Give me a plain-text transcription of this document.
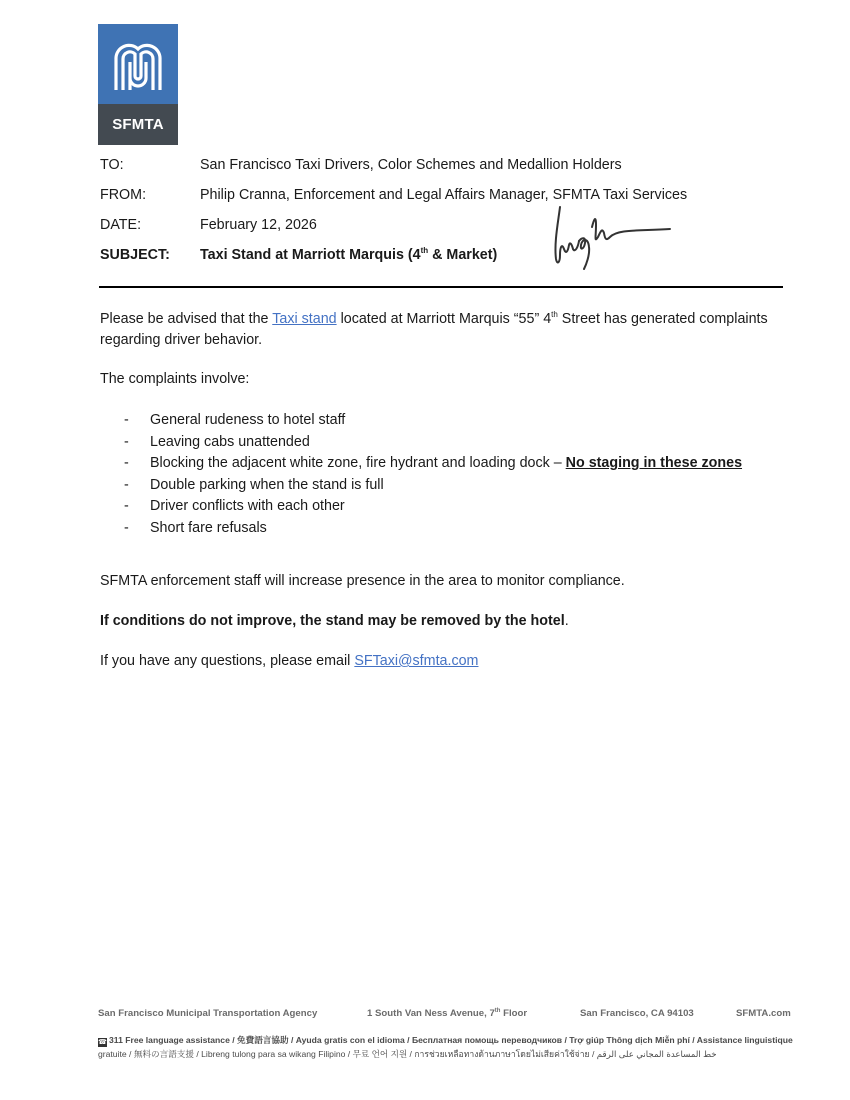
SFMTA
TO:	San Francisco Taxi Drivers, Color Schemes and Medallion Holders
FROM:	Philip Cranna, Enforcement and Legal Affairs Manager, SFMTA Taxi Services
DATE:	February 12, 2026
SUBJECT: Taxi Stand at Marriott Marquis (4th & Market)
Please be advised that the Taxi stand located at Marriott Marquis “55” 4th Street has generated complaints regarding driver behavior.
The complaints involve:
- General rudeness to hotel staff
- Leaving cabs unattended
- Blocking the adjacent white zone, fire hydrant and loading dock – No staging in these zones
- Double parking when the stand is full
- Driver conflicts with each other
- Short fare refusals
SFMTA enforcement staff will increase presence in the area to monitor compliance.
If conditions do not improve, the stand may be removed by the hotel.
If you have any questions, please email SFTaxi@sfmta.com
San Francisco Municipal Transportation Agency	1 South Van Ness Avenue, 7th Floor	San Francisco, CA 94103	SFMTA.com
☎ 311 Free language assistance / 免費語言協助 / Ayuda gratis con el idioma / Бесплатная помощь переводчиков / Trợ giúp Thông dịch Miễn phí / Assistance linguistique
gratuite / 無料の言語支援 / Libreng tulong para sa wikang Filipino / 무료 언어 지원 / การช่วยเหลือทางด้านภาษาโดยไม่เสียค่าใช้จ่าย / خط المساعدة المجاني على الرقم
